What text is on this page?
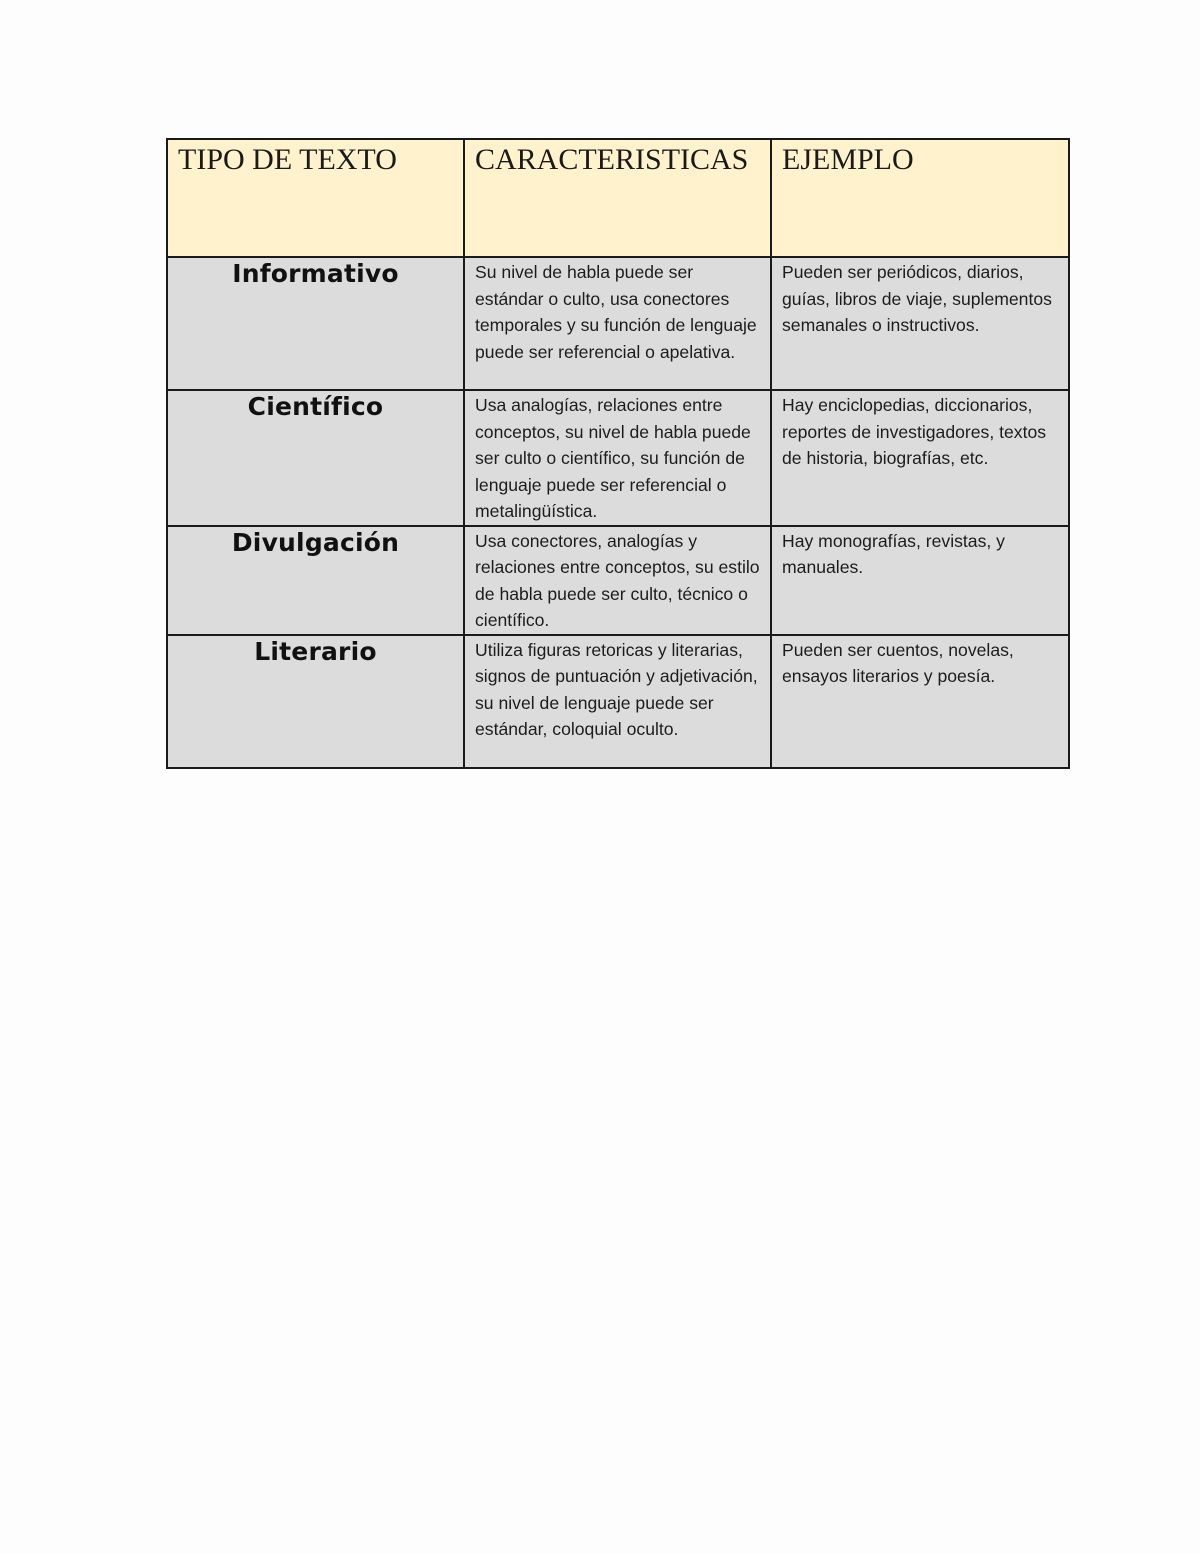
TIPO DE TEXTO	CARACTERISTICAS	EJEMPLO
Informativo	Su nivel de habla puede ser estándar o culto, usa conectores temporales y su función de lenguaje puede ser referencial o apelativa.	Pueden ser periódicos, diarios, guías, libros de viaje, suplementos semanales o instructivos.
Científico	Usa analogías, relaciones entre conceptos, su nivel de habla puede ser culto o científico, su función de lenguaje puede ser referencial o metalingüística.	Hay enciclopedias, diccionarios, reportes de investigadores, textos de historia, biografías, etc.
Divulgación	Usa conectores, analogías y relaciones entre conceptos, su estilo de habla puede ser culto, técnico o científico.	Hay monografías, revistas, y manuales.
Literario	Utiliza figuras retoricas y literarias, signos de puntuación y adjetivación, su nivel de lenguaje puede ser estándar, coloquial oculto.	Pueden ser cuentos, novelas, ensayos literarios y poesía.
